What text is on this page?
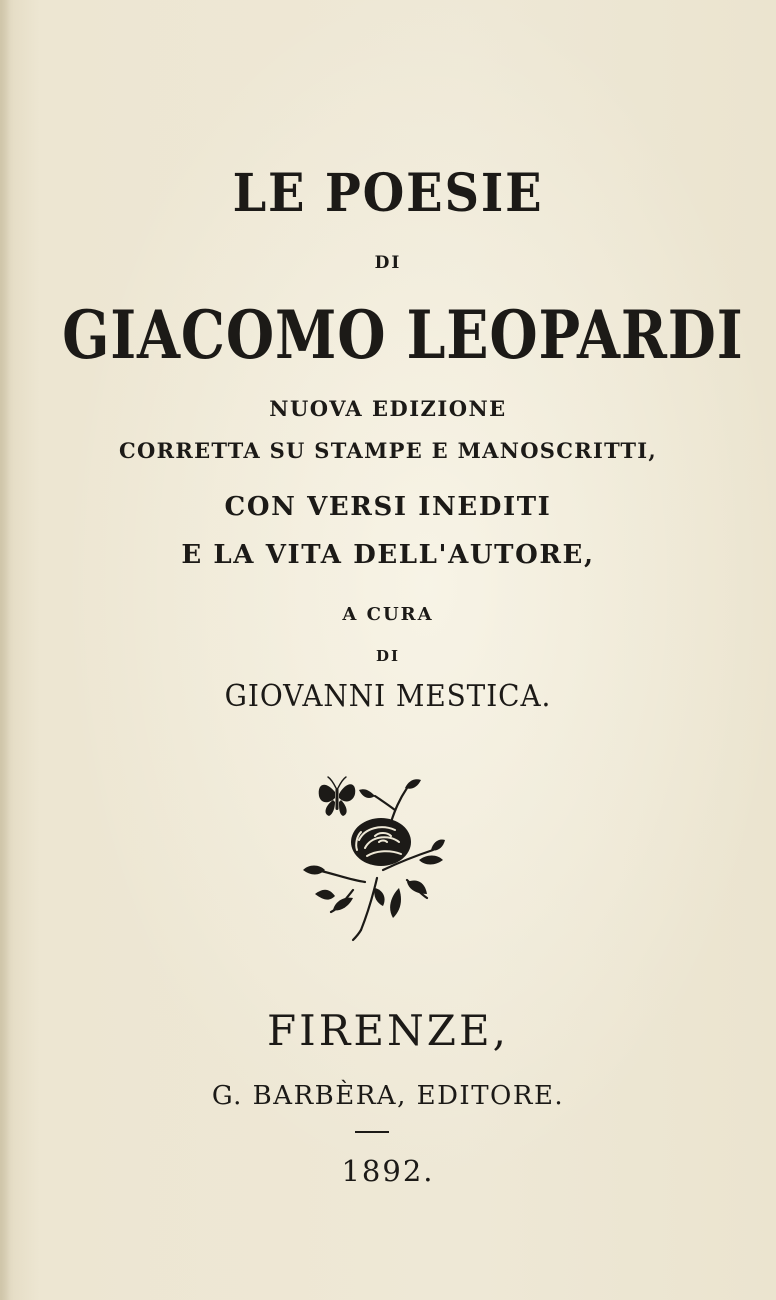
LE POESIE
DI
GIACOMO LEOPARDI
NUOVA EDIZIONE
CORRETTA SU STAMPE E MANOSCRITTI,
CON VERSI INEDITI
E LA VITA DELL'AUTORE,
A CURA
DI
GIOVANNI MESTICA.
FIRENZE,
G. BARBÈRA, EDITORE.
1892.
